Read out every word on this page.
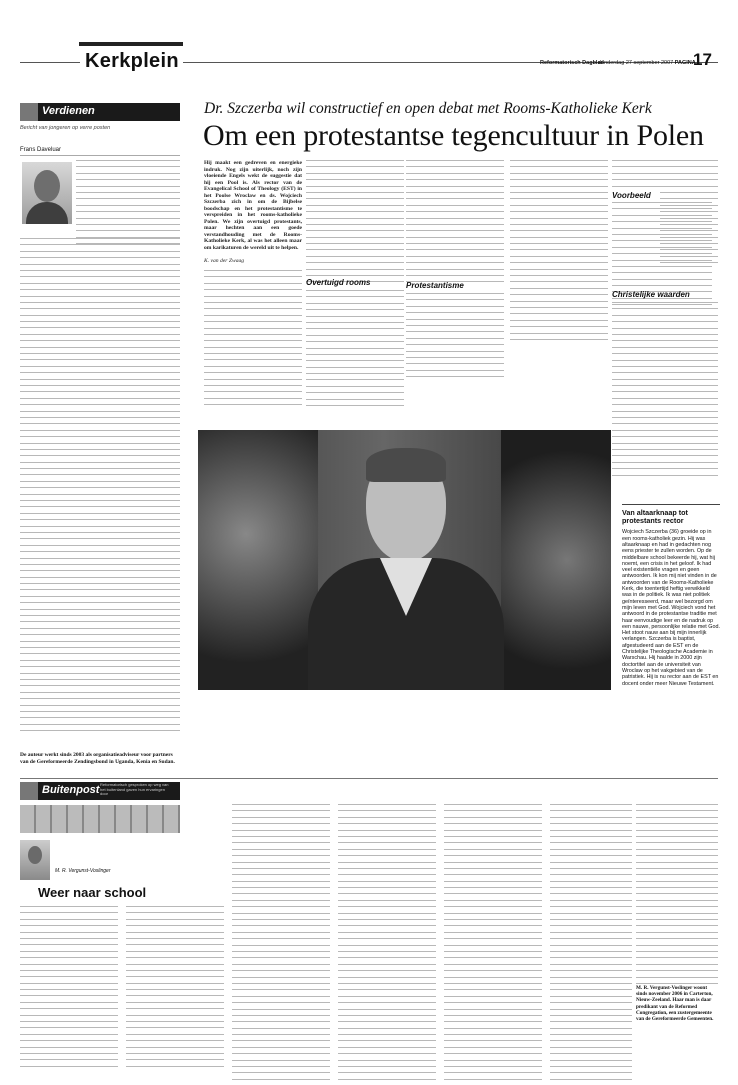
Kerkplein	Reformatorisch Dagblad
donderdag 27 september 2007 PAGINA
17
Verdienen
Bericht van jongeren op verre posten
Frans Daveluar
De auteur werkt sinds 2003 als organisatieadviseur voor partners van de Gereformeerde Zendingsbond in Uganda, Kenia en Sudan.
Dr. Szczerba wil constructief en open debat met Rooms-Katholieke Kerk
Om een protestantse tegencultuur in Polen
Hij maakt een gedreven en energieke indruk. Nog zijn uiterlijk, noch zijn vloeiende Engels wekt de suggestie dat hij een Pool is. Als rector van de Evangelical School of Theology (EST) in het Poolse Wroclaw en ds. Wojciech Szczerba zich in om de Bijbelse boodschap en het protestantisme te verspreiden in het rooms-katholieke Polen. We zijn overtuigd protestants, maar hechten aan een goede verstandhouding met de Rooms-Katholieke Kerk, al was het alleen maar om karikaturen de wereld uit te helpen.
K. van der Zwaag
Overtuigd rooms	Protestantisme
Voorbeeld
Christelijke waarden
Van altaarknaap tot protestants rector
Wojciech Szczerba (36) groeide op in een rooms-katholiek gezin. Hij was altaarknaap en had in gedachten nog eens priester te zullen worden. Op de middelbare school bekeerde hij, wat hij noemt, een crisis in het geloof. Ik had veel existentiële vragen en geen antwoorden. Ik kon mij niet vinden in de antwoorden van de Rooms-Katholieke Kerk, die toentertijd heftig verwikkeld was in de politiek. Ik was niet politiek geïnteresseerd, maar wel bezorgd om mijn leven met God. Wojciech vond het antwoord in de protestantse traditie met haar eenvoudige leer en de nadruk op een nauwe, persoonlijke relatie met God. Het stoot nauw aan bij mijn innerlijk verlangen. Szczerba is baptist, afgestudeerd aan de EST en de Christelijke Theologische Academie in Warschau. Hij haalde in 2000 zijn doctortitel aan de universiteit van Wroclaw op het vakgebied van de patristiek. Hij is nu rector aan de EST en docent onder meer Nieuwe Testament.
Buitenpost Reformatorisch gesproken op weg van het buitenland gaven hun ervaringen door
M. R. Vergunst-Voslinger
Weer naar school
M. R. Vergunst-Voslinger woont sinds november 2006 in Carterton, Nieuw-Zeeland. Haar man is daar predikant van de Reformed Congregation, een zustergemeente van de Gereformeerde Gemeenten.
